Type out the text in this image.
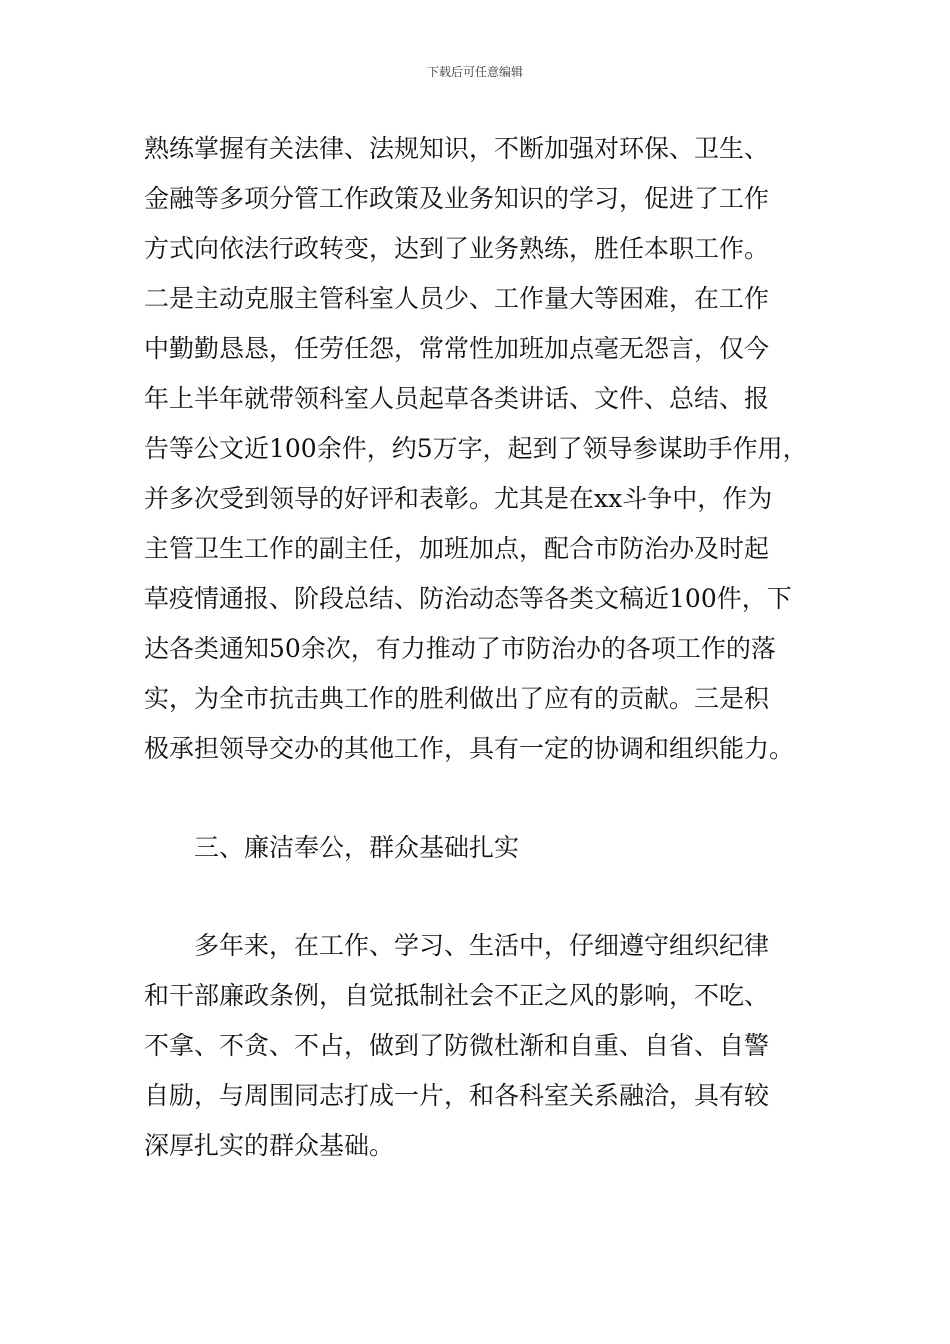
下载后可任意编辑
熟练掌握有关法律、法规知识，不断加强对环保、卫生、
金融等多项分管工作政策及业务知识的学习，促进了工作
方式向依法行政转变，达到了业务熟练，胜任本职工作。
二是主动克服主管科室人员少、工作量大等困难，在工作
中勤勤恳恳，任劳任怨，常常性加班加点毫无怨言，仅今
年上半年就带领科室人员起草各类讲话、文件、总结、报
告等公文近100余件，约5万字，起到了领导参谋助手作用，
并多次受到领导的好评和表彰。尤其是在xx斗争中，作为
主管卫生工作的副主任，加班加点，配合市防治办及时起
草疫情通报、阶段总结、防治动态等各类文稿近100件，下
达各类通知50余次，有力推动了市防治办的各项工作的落
实，为全市抗击典工作的胜利做出了应有的贡献。三是积
极承担领导交办的其他工作，具有一定的协调和组织能力。
三、廉洁奉公，群众基础扎实
　　多年来，在工作、学习、生活中，仔细遵守组织纪律
和干部廉政条例，自觉抵制社会不正之风的影响，不吃、
不拿、不贪、不占，做到了防微杜渐和自重、自省、自警
自励，与周围同志打成一片，和各科室关系融洽，具有较
深厚扎实的群众基础。
